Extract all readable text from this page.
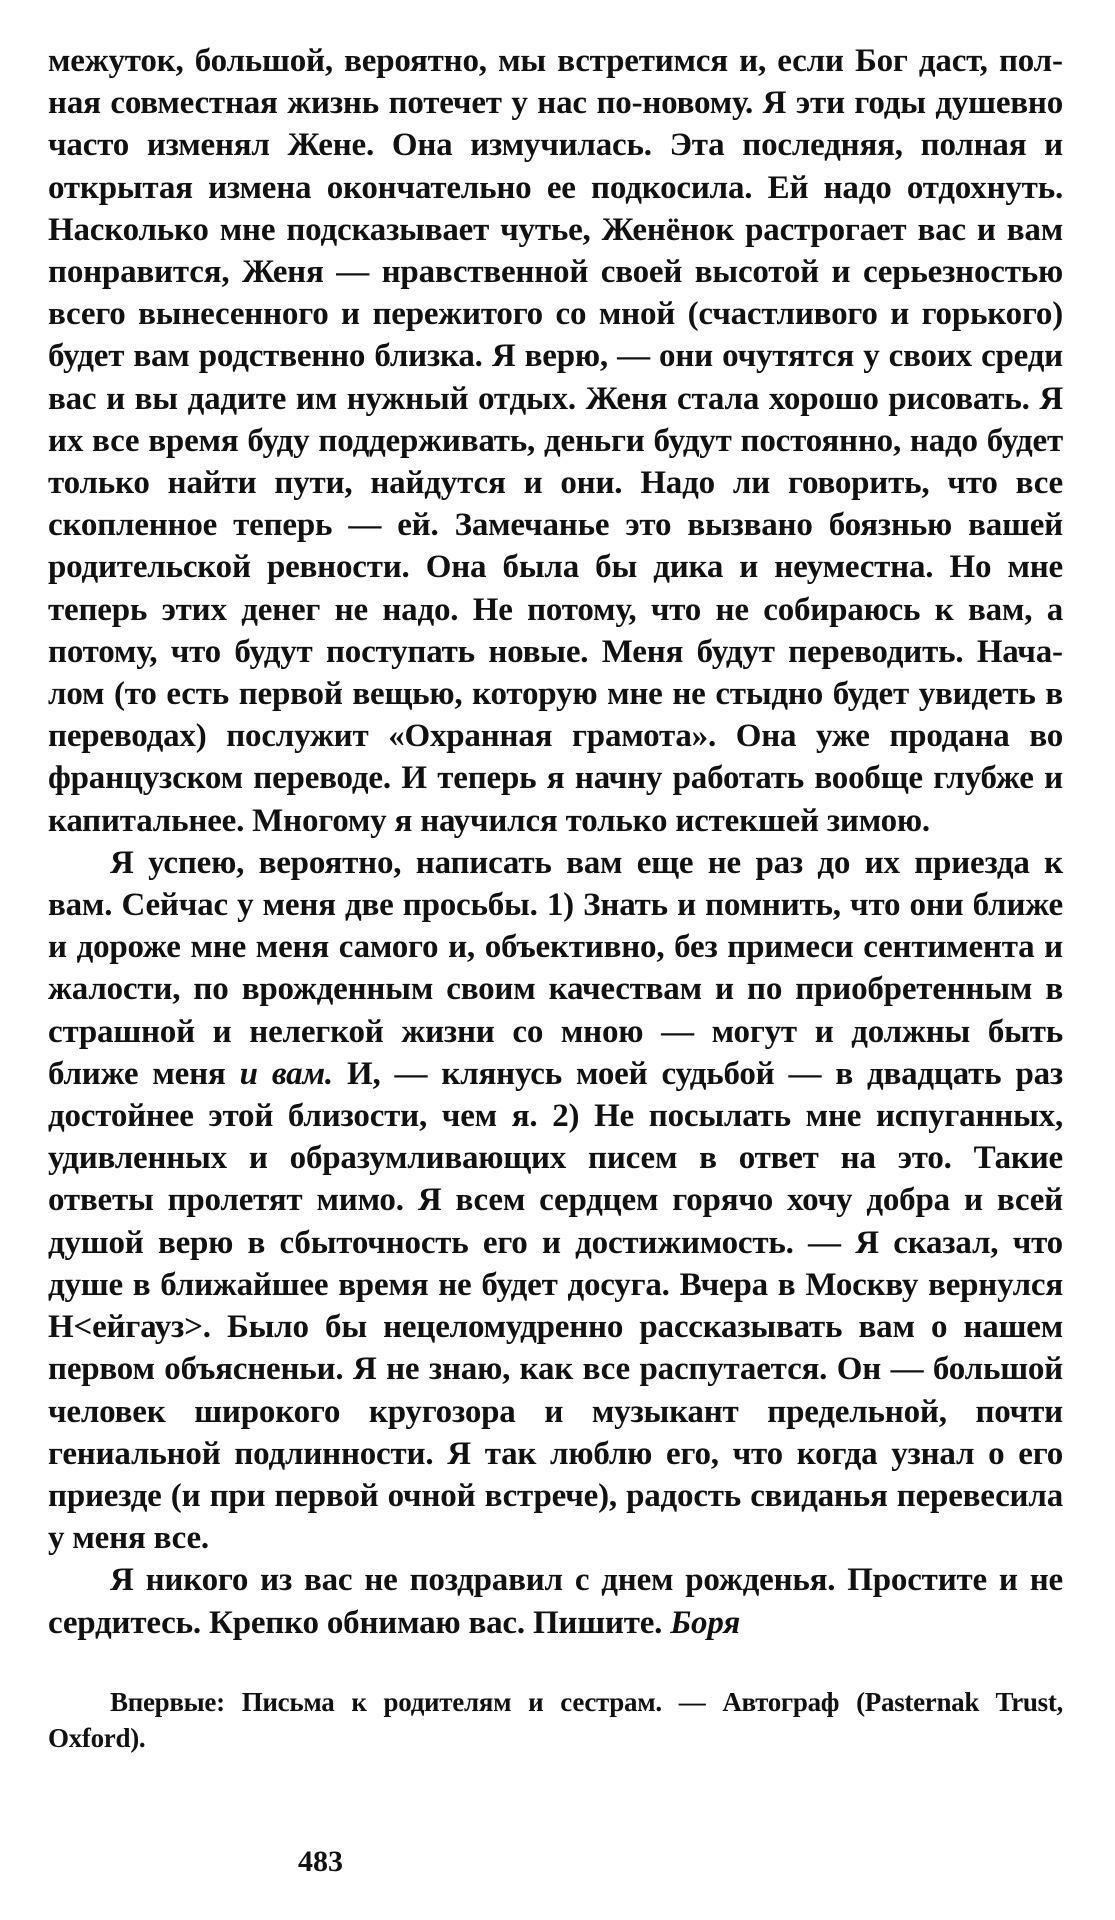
межуток, большой, вероятно, мы встретимся и, если Бог даст, полная совместная жизнь потечет у нас по-новому. Я эти годы душевно часто изменял Жене. Она измучилась. Эта последняя, полная и открытая измена окончательно ее подкосила. Ей надо отдохнуть. Насколько мне подсказывает чутье, Женёнок растрогает вас и вам понравится, Женя — нравственной своей высотой и серьезностью всего вынесенного и пережитого со мной (счастливого и горького) будет вам родственно близка. Я верю, — они очутятся у своих среди вас и вы дадите им нужный отдых. Женя стала хорошо рисовать. Я их все время буду поддерживать, деньги будут постоянно, надо будет только найти пути, найдутся и они. Надо ли говорить, что все скопленное теперь — ей. Замечанье это вызвано боязнью вашей родительской ревности. Она была бы дика и неуместна. Но мне теперь этих денег не надо. Не потому, что не собираюсь к вам, а потому, что будут поступать новые. Меня будут переводить. Началом (то есть первой вещью, которую мне не стыдно будет увидеть в переводах) послужит «Охранная грамота». Она уже продана во французском переводе. И теперь я начну работать вообще глубже и капитальнее. Многому я научился только истекшей зимою.

Я успею, вероятно, написать вам еще не раз до их приезда к вам. Сейчас у меня две просьбы. 1) Знать и помнить, что они ближе и дороже мне меня самого и, объективно, без примеси сентимента и жалости, по врожденным своим качествам и по приобретенным в страшной и нелегкой жизни со мною — могут и должны быть ближе меня и вам. И, — клянусь моей судьбой — в двадцать раз достойнее этой близости, чем я. 2) Не посылать мне испуганных, удивленных и образумливающих писем в ответ на это. Такие ответы пролетят мимо. Я всем сердцем горячо хочу добра и всей душой верю в сбыточность его и достижимость. — Я сказал, что душе в ближайшее время не будет досуга. Вчера в Москву вернулся Н<ейгауз>. Было бы нецеломудренно рассказывать вам о нашем первом объясненьи. Я не знаю, как все распутается. Он — большой человек широкого кругозора и музыкант предельной, почти гениальной подлинности. Я так люблю его, что когда узнал о его приезде (и при первой очной встрече), радость свиданья перевесила у меня все.

Я никого из вас не поздравил с днем рожденья. Простите и не сердитесь. Крепко обнимаю вас. Пишите. Боря

Впервые: Письма к родителям и сестрам. — Автограф (Pasternak Trust, Oxford).

483
